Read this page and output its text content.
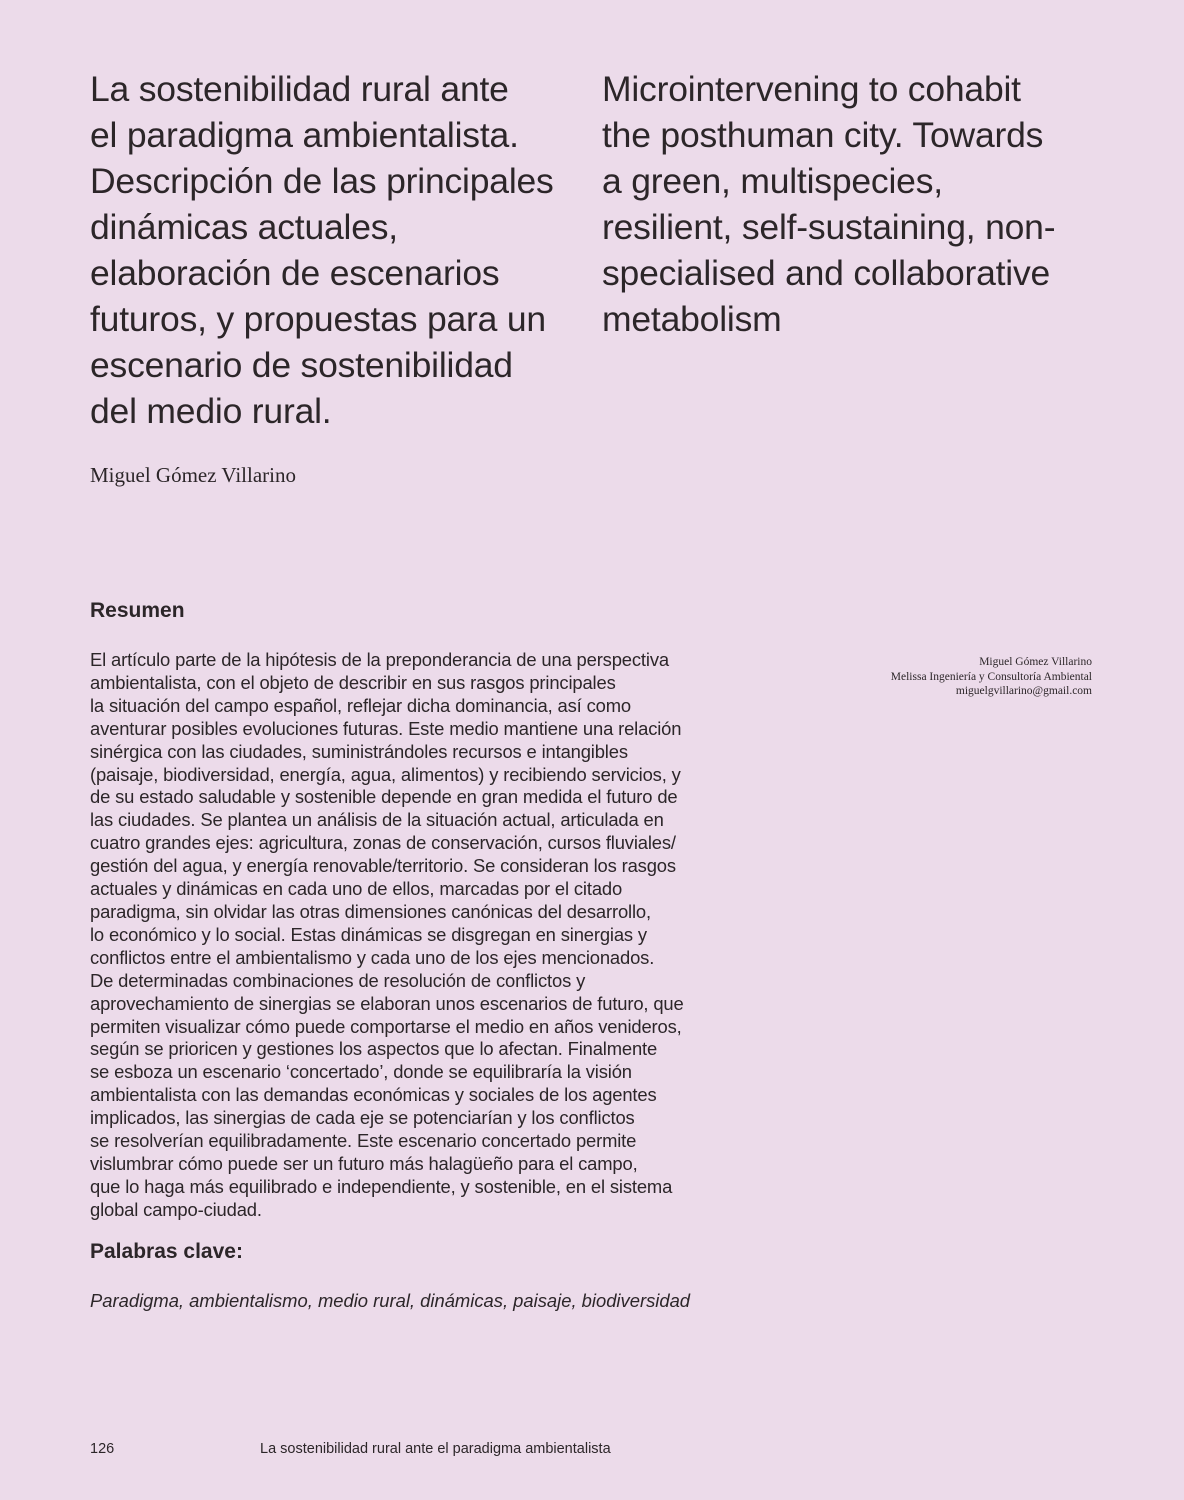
La sostenibilidad rural ante
el paradigma ambientalista.
Descripción de las principales
dinámicas actuales,
elaboración de escenarios
futuros, y propuestas para un
escenario de sostenibilidad
del medio rural.
Microintervening to cohabit
the posthuman city. Towards
a green, multispecies,
resilient, self-sustaining, non-
specialised and collaborative
metabolism
Miguel Gómez Villarino
Resumen
El artículo parte de la hipótesis de la preponderancia de una perspectiva
ambientalista, con el objeto de describir en sus rasgos principales
la situación del campo español, reflejar dicha dominancia, así como
aventurar posibles evoluciones futuras. Este medio mantiene una relación
sinérgica con las ciudades, suministrándoles recursos e intangibles
(paisaje, biodiversidad, energía, agua, alimentos) y recibiendo servicios, y
de su estado saludable y sostenible depende en gran medida el futuro de
las ciudades. Se plantea un análisis de la situación actual, articulada en
cuatro grandes ejes: agricultura, zonas de conservación, cursos fluviales/
gestión del agua, y energía renovable/territorio. Se consideran los rasgos
actuales y dinámicas en cada uno de ellos, marcadas por el citado
paradigma, sin olvidar las otras dimensiones canónicas del desarrollo,
lo económico y lo social. Estas dinámicas se disgregan en sinergias y
conflictos entre el ambientalismo y cada uno de los ejes mencionados.
De determinadas combinaciones de resolución de conflictos y
aprovechamiento de sinergias se elaboran unos escenarios de futuro, que
permiten visualizar cómo puede comportarse el medio en años venideros,
según se prioricen y gestiones los aspectos que lo afectan. Finalmente
se esboza un escenario ‘concertado’, donde se equilibraría la visión
ambientalista con las demandas económicas y sociales de los agentes
implicados, las sinergias de cada eje se potenciarían y los conflictos
se resolverían equilibradamente. Este escenario concertado permite
vislumbrar cómo puede ser un futuro más halagüeño para el campo,
que lo haga más equilibrado e independiente, y sostenible, en el sistema
global campo-ciudad.
Miguel Gómez Villarino
Melissa Ingeniería y Consultoría Ambiental
miguelgvillarino@gmail.com
Palabras clave:
Paradigma, ambientalismo, medio rural, dinámicas, paisaje, biodiversidad
126	La sostenibilidad rural ante el paradigma ambientalista
